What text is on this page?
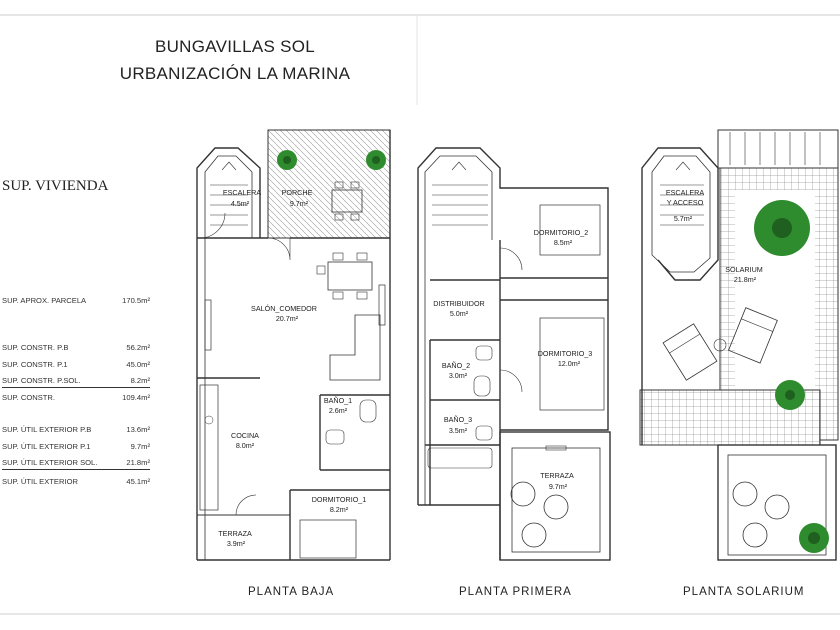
BUNGAVILLAS SOL
URBANIZACIÓN LA MARINA
SUP. VIVIENDA
SUP. APROX. PARCELA	170.5m²
SUP. CONSTR. P.B	56.2m²
SUP. CONSTR. P.1	45.0m²
SUP. CONSTR. P.SOL.	8.2m²
SUP. CONSTR.	109.4m²
SUP. ÚTIL EXTERIOR P.B	13.6m²
SUP. ÚTIL EXTERIOR P.1	9.7m²
SUP. ÚTIL EXTERIOR SOL.	21.8m²
SUP. ÚTIL EXTERIOR	45.1m²
ESCALERA
4.5m²
PORCHE
9.7m²
SALÓN_COMEDOR
20.7m²
BAÑO_1
2.6m²
COCINA
8.0m²
DORMITORIO_1
8.2m²
TERRAZA
3.9m²
DORMITORIO_2
8.5m²
DISTRIBUIDOR
5.0m²
DORMITORIO_3
12.0m²
BAÑO_2
3.0m²
BAÑO_3
3.5m²
TERRAZA
9.7m²
ESCALERA
Y ACCESO
5.7m²
SOLARIUM
21.8m²
PLANTA BAJA	PLANTA PRIMERA	PLANTA SOLARIUM
